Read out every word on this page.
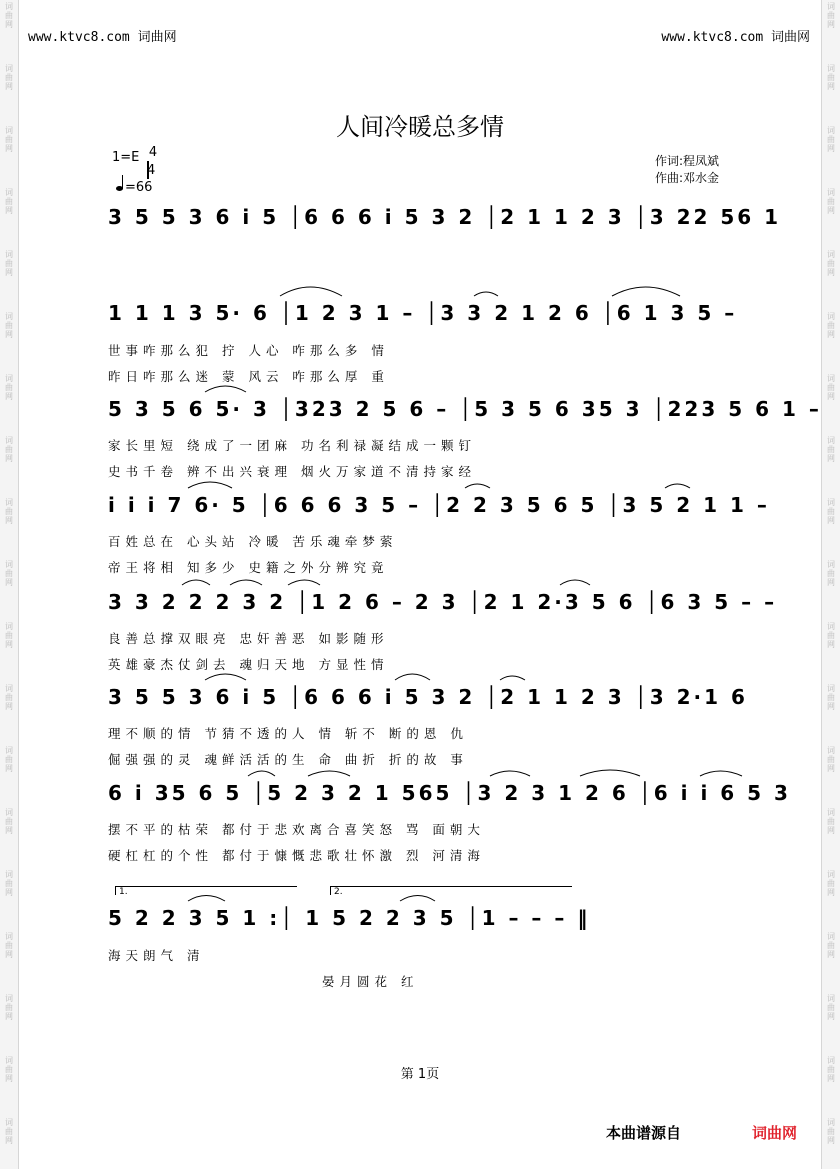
词
曲
网
词
曲
网
词
曲
网
词
曲
网
词
曲
网
词
曲
网
词
曲
网
词
曲
网
词
曲
网
词
曲
网
词
曲
网
词
曲
网
词
曲
网
词
曲
网
词
曲
网
词
曲
网
词
曲
网
词
曲
网
词
曲
网
词
曲
网
词
曲
网
词
曲
网
词
曲
网
词
曲
网
词
曲
网
词
曲
网
词
曲
网
词
曲
网
词
曲
网
词
曲
网
词
曲
网
词
曲
网
词
曲
网
词
曲
网
词
曲
网
词
曲
网
词
曲
网
词
曲
网
www.ktvc8.com 词曲网	www.ktvc8.com 词曲网
人间冷暖总多情
1=E 4
4
=66
作词:程凤斌
作曲:邓水金
3 5 5 3 6 i 5 │6 6 6 i 5 3 2 │2 1 1 2 3 │3 22 56 1
1 1 1 3 5· 6 │1 2 3 1 – │3 3 2 1 2 6 │6 1 3 5 –
世事咋那么犯 拧 人心 咋那么多 情
昨日咋那么迷 蒙 风云 咋那么厚 重
5 3 5 6 5· 3 │323 2 5 6 – │5 3 5 6 35 3 │223 5 6 1 –
家长里短 绕成了一团麻 功名利禄凝结成一颗钉
史书千卷 辨不出兴衰理 烟火万家道不清持家经
i i i 7 6· 5 │6 6 6 3 5 – │2 2 3 5 6 5 │3 5 2 1 1 –
百姓总在 心头站 冷暖 苦乐魂牵梦萦
帝王将相 知多少 史籍之外分辨究竟
3 3 2 2 2 3 2 │1 2 6 – 2 3 │2 1 2·3 5 6 │6 3 5 – –
良善总撑双眼亮 忠奸善恶 如影随形
英雄豪杰仗剑去 魂归天地 方显性情
3 5 5 3 6 i 5 │6 6 6 i 5 3 2 │2 1 1 2 3 │3 2·1 6
理不顺的情 节猜不透的人 情 斩不 断的恩 仇
倔强强的灵 魂鲜活活的生 命 曲折 折的故 事
6 i 35 6 5 │5 2 3 2 1 565 │3 2 3 1 2 6 │6 i i 6 5 3
摆不平的枯荣 都付于悲欢离合喜笑怒 骂 面朝大
硬杠杠的个性 都付于慷慨悲歌壮怀激 烈 河清海
1.	2.
5 2 2 3 5 1 :│ 1 5 2 2 3 5 │1 – – – ‖
海天朗气 清
晏月圆花 红
第 1页
本曲谱源自	词曲网
